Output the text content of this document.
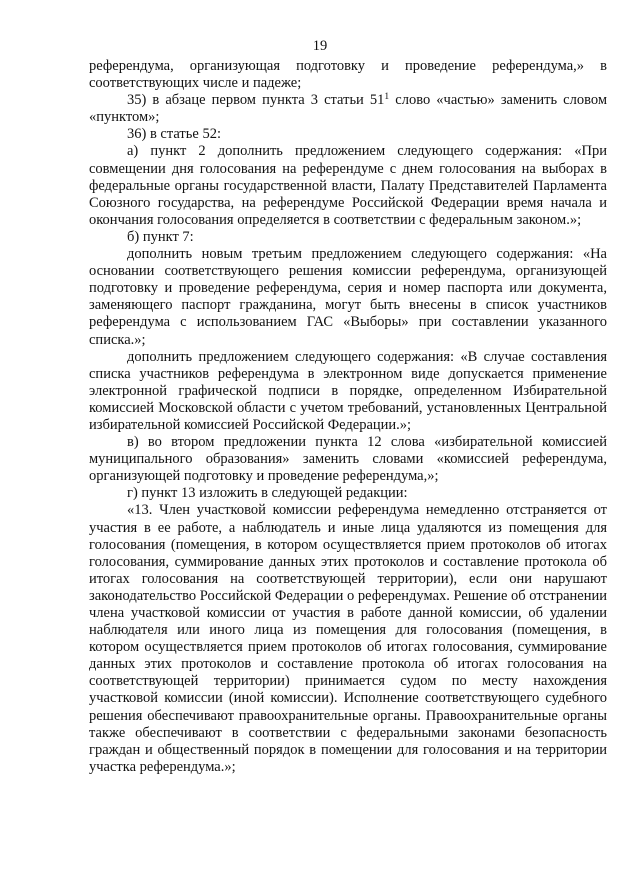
19

референдума, организующая подготовку и проведение референдума,» в соответствующих числе и падеже;

35) в абзаце первом пункта 3 статьи $51^1$ слово «частью» заменить словом «пунктом»;

36) в статье 52:

а) пункт 2 дополнить предложением следующего содержания: «При совмещении дня голосования на референдуме с днем голосования на выборах в федеральные органы государственной власти, Палату Представителей Парламента Союзного государства, на референдуме Российской Федерации время начала и окончания голосования определяется в соответствии с федеральным законом.»;

б) пункт 7:

дополнить новым третьим предложением следующего содержания: «На основании соответствующего решения комиссии референдума, организующей подготовку и проведение референдума, серия и номер паспорта или документа, заменяющего паспорт гражданина, могут быть внесены в список участников референдума с использованием ГАС «Выборы» при составлении указанного списка.»;

дополнить предложением следующего содержания: «В случае составления списка участников референдума в электронном виде допускается применение электронной графической подписи в порядке, определенном Избирательной комиссией Московской области с учетом требований, установленных Центральной избирательной комиссией Российской Федерации.»;

в) во втором предложении пункта 12 слова «избирательной комиссией муниципального образования» заменить словами «комиссией референдума, организующей подготовку и проведение референдума,»;

г) пункт 13 изложить в следующей редакции:

«13. Член участковой комиссии референдума немедленно отстраняется от участия в ее работе, а наблюдатель и иные лица удаляются из помещения для голосования (помещения, в котором осуществляется прием протоколов об итогах голосования, суммирование данных этих протоколов и составление протокола об итогах голосования на соответствующей территории), если они нарушают законодательство Российской Федерации о референдумах. Решение об отстранении члена участковой комиссии от участия в работе данной комиссии, об удалении наблюдателя или иного лица из помещения для голосования (помещения, в котором осуществляется прием протоколов об итогах голосования, суммирование данных этих протоколов и составление протокола об итогах голосования на соответствующей территории) принимается судом по месту нахождения участковой комиссии (иной комиссии). Исполнение соответствующего судебного решения обеспечивают правоохранительные органы. Правоохранительные органы также обеспечивают в соответствии с федеральными законами безопасность граждан и общественный порядок в помещении для голосования и на территории участка референдума.»;
